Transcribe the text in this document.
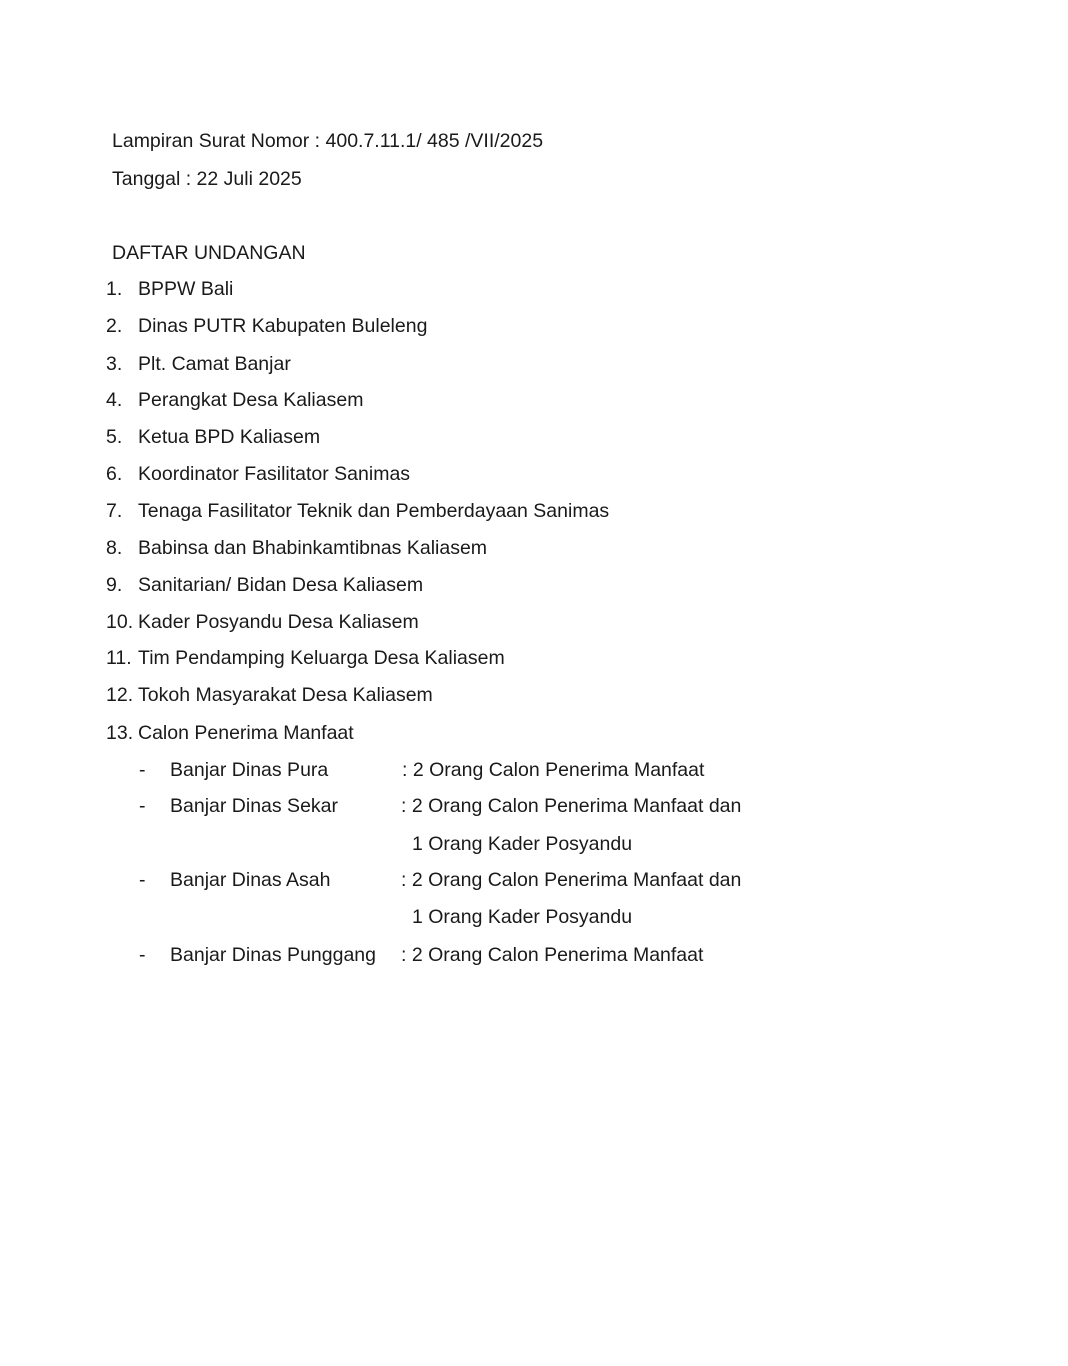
Lampiran Surat Nomor : 400.7.11.1/ 485 /VII/2025
Tanggal : 22 Juli 2025
DAFTAR UNDANGAN
1. BPPW Bali
2. Dinas PUTR Kabupaten Buleleng
3. Plt. Camat Banjar
4. Perangkat Desa Kaliasem
5. Ketua BPD Kaliasem
6. Koordinator Fasilitator Sanimas
7. Tenaga Fasilitator Teknik dan Pemberdayaan Sanimas
8. Babinsa dan Bhabinkamtibnas Kaliasem
9. Sanitarian/ Bidan Desa Kaliasem
10. Kader Posyandu Desa Kaliasem
11. Tim Pendamping Keluarga Desa Kaliasem
12. Tokoh Masyarakat Desa Kaliasem
13. Calon Penerima Manfaat
- Banjar Dinas Pura	: 2 Orang Calon Penerima Manfaat
- Banjar Dinas Sekar	: 2 Orang Calon Penerima Manfaat dan
1 Orang Kader Posyandu
- Banjar Dinas Asah	: 2 Orang Calon Penerima Manfaat dan
1 Orang Kader Posyandu
- Banjar Dinas Punggang : 2 Orang Calon Penerima Manfaat
